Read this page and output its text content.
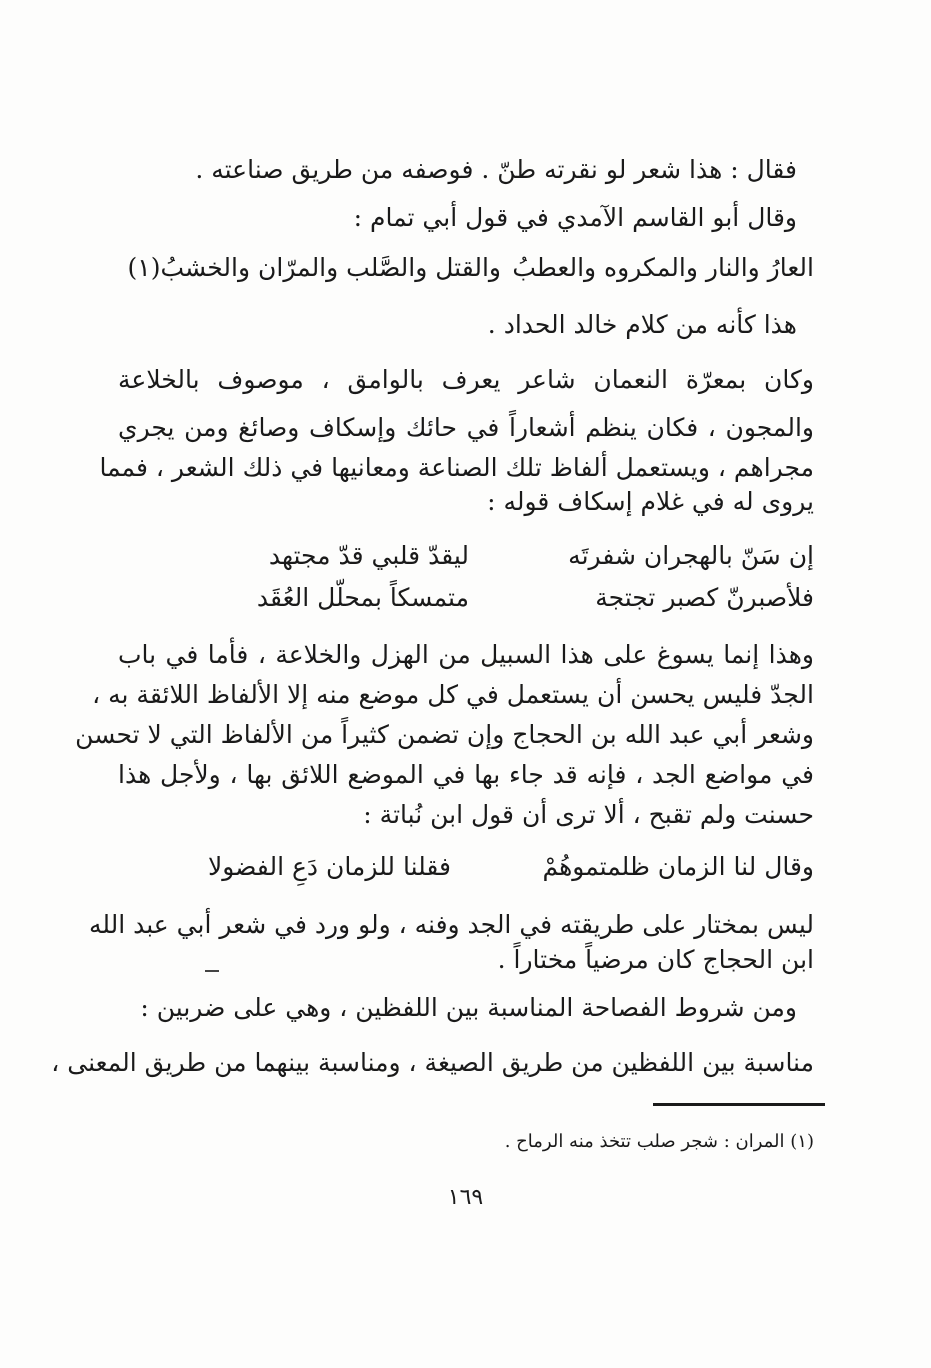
فقال : هذا شعر لو نقرته طنّ . فوصفه من طريق صناعته .

وقال أبو القاسم الآمدي في قول أبي تمام :

العارُ والنار والمكروه والعطبُ
والقتل والصَّلب والمرّان والخشبُ(١)

هذا كأنه من كلام خالد الحداد .

وكان بمعرّة النعمان شاعر يعرف بالوامق ، موصوف بالخلاعة

والمجون ، فكان ينظم أشعاراً في حائك وإسكاف وصائغ ومن يجري

مجراهم ، ويستعمل ألفاظ تلك الصناعة ومعانيها في ذلك الشعر ، فمما

يروى له في غلام إسكاف قوله :

إن سَنّ بالهجران شفرتَه
ليقدّ قلبي قدّ مجتهد
فلأصبرنّ كصبر تجتجة
متمسكاً بمحلّل العُقَد

وهذا إنما يسوغ على هذا السبيل من الهزل والخلاعة ، فأما في باب

الجدّ فليس يحسن أن يستعمل في كل موضع منه إلا الألفاظ اللائقة به ،

وشعر أبي عبد الله بن الحجاج وإن تضمن كثيراً من الألفاظ التي لا تحسن

في مواضع الجد ، فإنه قد جاء بها في الموضع اللائق بها ، ولأجل هذا

حسنت ولم تقبح ، ألا ترى أن قول ابن نُباتة :

وقال لنا الزمان ظلمتموهُمْ
فقلنا للزمان دَعِ الفضولا

ليس بمختار على طريقته في الجد وفنه ، ولو ورد في شعر أبي عبد الله

ابن الحجاج كان مرضياً مختاراً .

ومن شروط الفصاحة المناسبة بين اللفظين ، وهي على ضربين :

مناسبة بين اللفظين من طريق الصيغة ، ومناسبة بينهما من طريق المعنى ،

(١) المران : شجر صلب تتخذ منه الرماح .

١٦٩
